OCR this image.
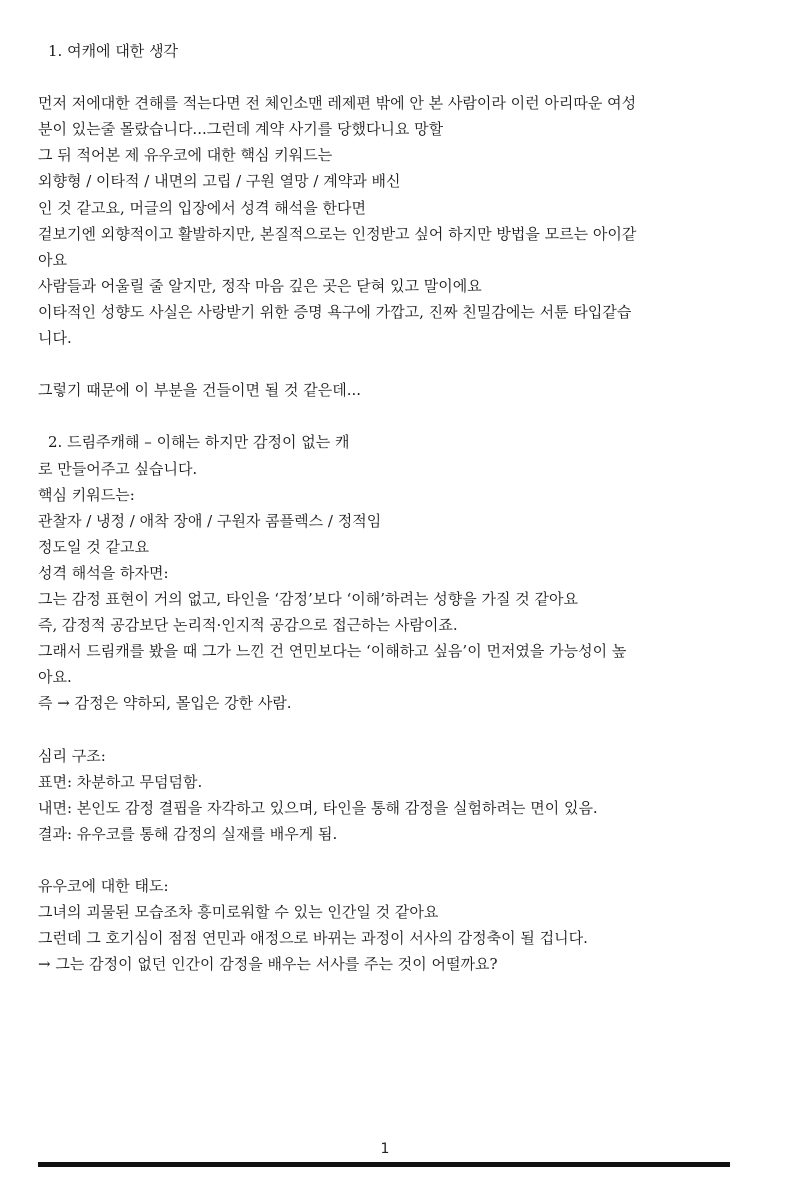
1. 여캐에 대한 생각
먼저 저에대한 견해를 적는다면 전 체인소맨 레제편 밖에 안 본 사람이라 이런 아리따운 여성
분이 있는줄 몰랐습니다...그런데 계약 사기를 당했다니요 망할
그 뒤 적어본 제 유우코에 대한 핵심 키워드는
외향형 / 이타적 / 내면의 고립 / 구원 열망 / 계약과 배신
인 것 같고요, 머글의 입장에서 성격 해석을 한다면
겉보기엔 외향적이고 활발하지만, 본질적으로는 인정받고 싶어 하지만 방법을 모르는 아이같
아요
사람들과 어울릴 줄 알지만, 정작 마음 깊은 곳은 닫혀 있고 말이에요
이타적인 성향도 사실은 사랑받기 위한 증명 욕구에 가깝고, 진짜 친밀감에는 서툰 타입같습
니다.
그렇기 때문에 이 부분을 건들이면 될 것 같은데...
2. 드림주캐해 – 이해는 하지만 감정이 없는 캐
로 만들어주고 싶습니다.
핵심 키워드는:
관찰자 / 냉정 / 애착 장애 / 구원자 콤플렉스 / 정적임
정도일 것 같고요
성격 해석을 하자면:
그는 감정 표현이 거의 없고, 타인을 ‘감정’보다 ‘이해’하려는 성향을 가질 것 같아요
즉, 감정적 공감보단 논리적·인지적 공감으로 접근하는 사람이죠.
그래서 드림캐를 봤을 때 그가 느낀 건 연민보다는 ‘이해하고 싶음’이 먼저였을 가능성이 높
아요.
즉 → 감정은 약하되, 몰입은 강한 사람.
심리 구조:
표면: 차분하고 무덤덤함.
내면: 본인도 감정 결핍을 자각하고 있으며, 타인을 통해 감정을 실험하려는 면이 있음.
결과: 유우코를 통해 감정의 실재를 배우게 됨.
유우코에 대한 태도:
그녀의 괴물된 모습조차 흥미로워할 수 있는 인간일 것 같아요
그런데 그 호기심이 점점 연민과 애정으로 바뀌는 과정이 서사의 감정축이 될 겁니다.
→ 그는 감정이 없던 인간이 감정을 배우는 서사를 주는 것이 어떨까요?
1
